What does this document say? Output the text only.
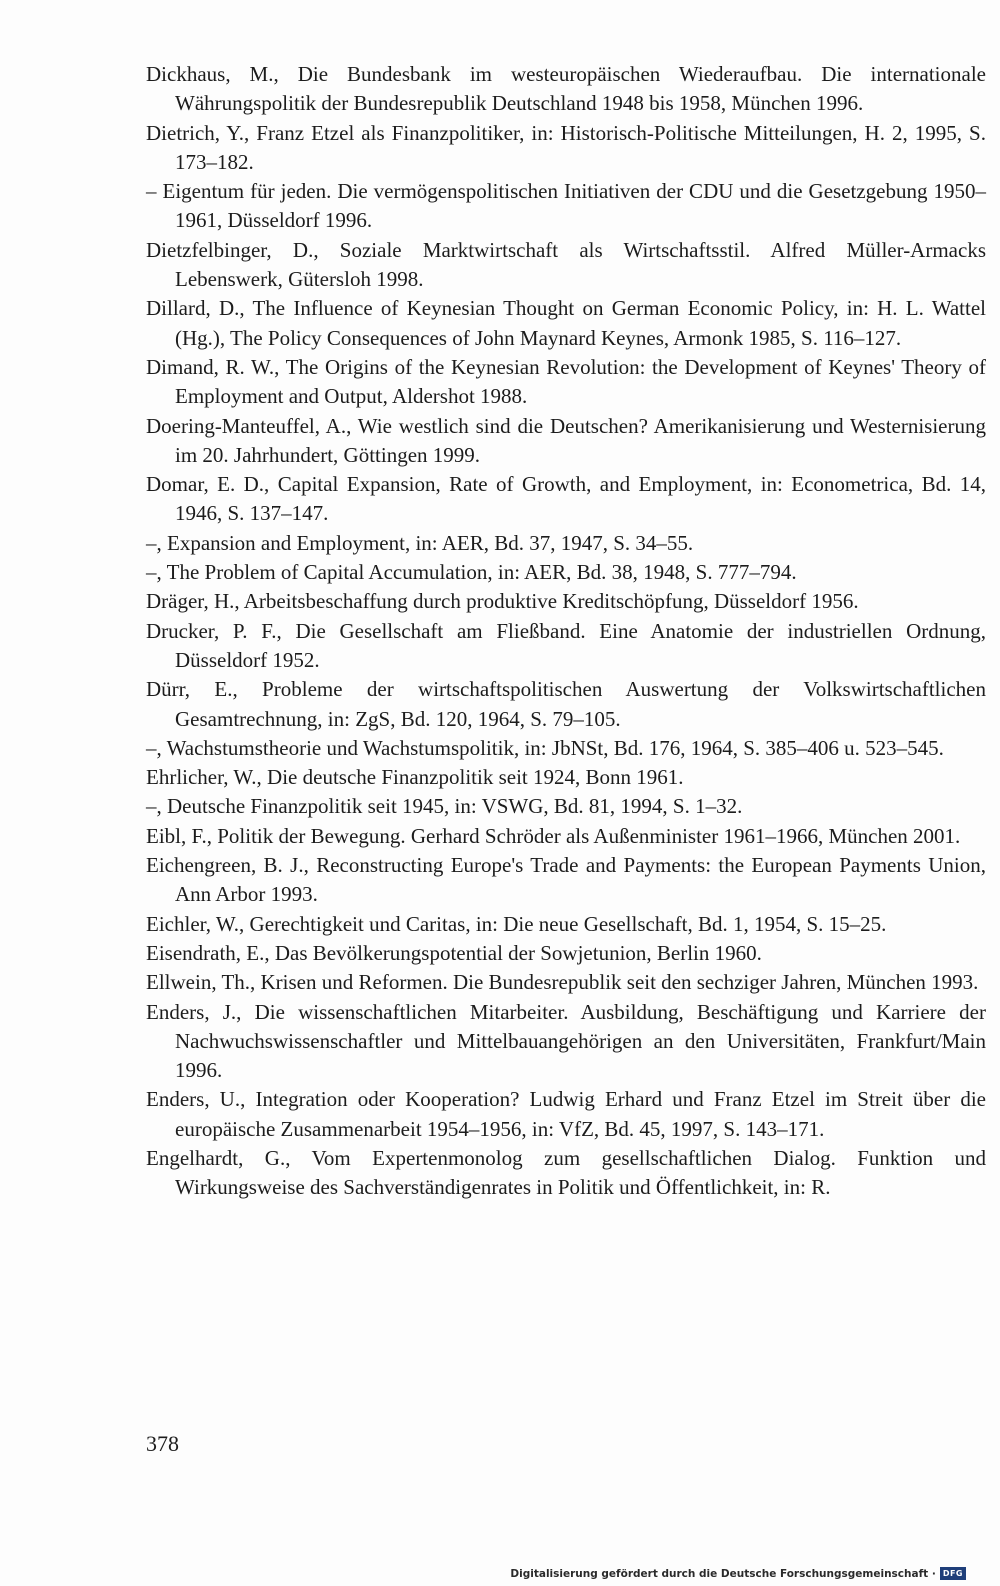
Dickhaus, M., Die Bundesbank im westeuropäischen Wiederaufbau. Die internationale Währungspolitik der Bundesrepublik Deutschland 1948 bis 1958, München 1996.
Dietrich, Y., Franz Etzel als Finanzpolitiker, in: Historisch-Politische Mitteilungen, H. 2, 1995, S. 173–182.
– Eigentum für jeden. Die vermögenspolitischen Initiativen der CDU und die Gesetzgebung 1950–1961, Düsseldorf 1996.
Dietzfelbinger, D., Soziale Marktwirtschaft als Wirtschaftsstil. Alfred Müller-Armacks Lebenswerk, Gütersloh 1998.
Dillard, D., The Influence of Keynesian Thought on German Economic Policy, in: H. L. Wattel (Hg.), The Policy Consequences of John Maynard Keynes, Armonk 1985, S. 116–127.
Dimand, R. W., The Origins of the Keynesian Revolution: the Development of Keynes' Theory of Employment and Output, Aldershot 1988.
Doering-Manteuffel, A., Wie westlich sind die Deutschen? Amerikanisierung und Westernisierung im 20. Jahrhundert, Göttingen 1999.
Domar, E. D., Capital Expansion, Rate of Growth, and Employment, in: Econometrica, Bd. 14, 1946, S. 137–147.
–, Expansion and Employment, in: AER, Bd. 37, 1947, S. 34–55.
–, The Problem of Capital Accumulation, in: AER, Bd. 38, 1948, S. 777–794.
Dräger, H., Arbeitsbeschaffung durch produktive Kreditschöpfung, Düsseldorf 1956.
Drucker, P. F., Die Gesellschaft am Fließband. Eine Anatomie der industriellen Ordnung, Düsseldorf 1952.
Dürr, E., Probleme der wirtschaftspolitischen Auswertung der Volkswirtschaftlichen Gesamtrechnung, in: ZgS, Bd. 120, 1964, S. 79–105.
–, Wachstumstheorie und Wachstumspolitik, in: JbNSt, Bd. 176, 1964, S. 385–406 u. 523–545.
Ehrlicher, W., Die deutsche Finanzpolitik seit 1924, Bonn 1961.
–, Deutsche Finanzpolitik seit 1945, in: VSWG, Bd. 81, 1994, S. 1–32.
Eibl, F., Politik der Bewegung. Gerhard Schröder als Außenminister 1961–1966, München 2001.
Eichengreen, B. J., Reconstructing Europe's Trade and Payments: the European Payments Union, Ann Arbor 1993.
Eichler, W., Gerechtigkeit und Caritas, in: Die neue Gesellschaft, Bd. 1, 1954, S. 15–25.
Eisendrath, E., Das Bevölkerungspotential der Sowjetunion, Berlin 1960.
Ellwein, Th., Krisen und Reformen. Die Bundesrepublik seit den sechziger Jahren, München 1993.
Enders, J., Die wissenschaftlichen Mitarbeiter. Ausbildung, Beschäftigung und Karriere der Nachwuchswissenschaftler und Mittelbauangehörigen an den Universitäten, Frankfurt/Main 1996.
Enders, U., Integration oder Kooperation? Ludwig Erhard und Franz Etzel im Streit über die europäische Zusammenarbeit 1954–1956, in: VfZ, Bd. 45, 1997, S. 143–171.
Engelhardt, G., Vom Expertenmonolog zum gesellschaftlichen Dialog. Funktion und Wirkungsweise des Sachverständigenrates in Politik und Öffentlichkeit, in: R.
378
Digitalisierung gefördert durch die Deutsche Forschungsgemeinschaft · DFG
